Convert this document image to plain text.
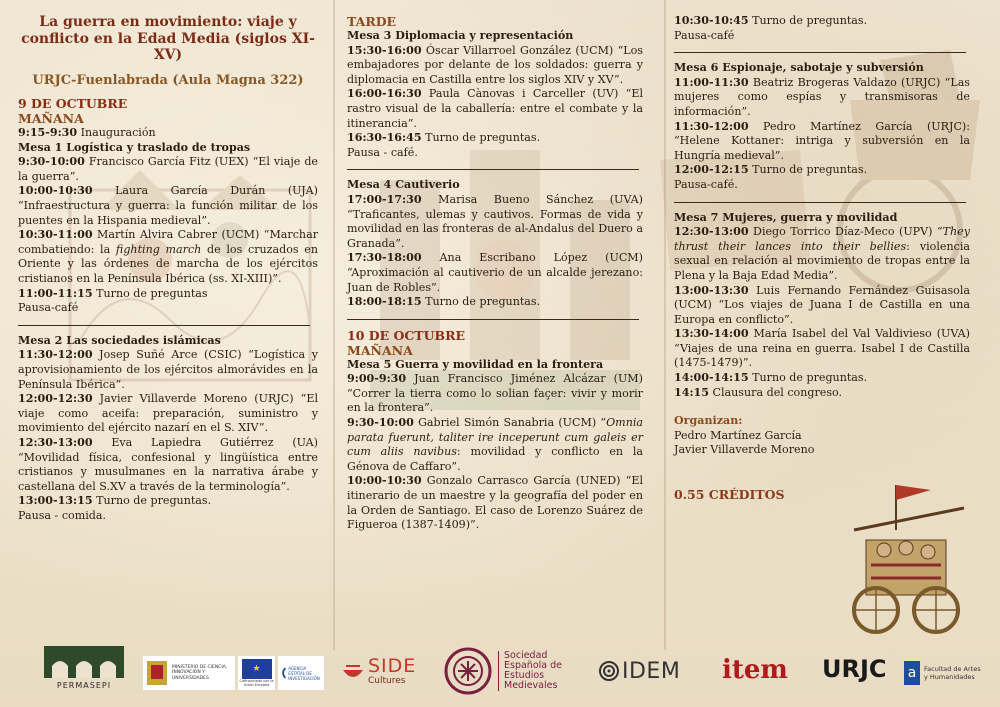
La guerra en movimiento: viaje y conflicto en la Edad Media (siglos XI-XV)
URJC-Fuenlabrada (Aula Magna 322)
9 DE OCTUBRE
MAÑANA
9:15-9:30 Inauguración
Mesa 1 Logística y traslado de tropas
9:30-10:00 Francisco García Fitz (UEX) “El viaje de la guerra”.
10:00-10:30 Laura García Durán (UJA) “Infraestructura y guerra: la función militar de los puentes en la Hispania medieval”.
10:30-11:00 Martín Alvira Cabrer (UCM) “Marchar combatiendo: la fighting march de los cruzados en Oriente y las órdenes de marcha de los ejércitos cristianos en la Península Ibérica (ss. XI-XIII)”.
11:00-11:15 Turno de preguntas
Pausa-café
Mesa 2 Las sociedades islámicas
11:30-12:00 Josep Suñé Arce (CSIC) “Logística y aprovisionamiento de los ejércitos almorávides en la Península Ibérica”.
12:00-12:30 Javier Villaverde Moreno (URJC) “El viaje como aceifa: preparación, suministro y movimiento del ejército nazarí en el S. XIV”.
12:30-13:00 Eva Lapiedra Gutiérrez (UA) “Movilidad física, confesional y lingüística entre cristianos y musulmanes en la narrativa árabe y castellana del S.XV a través de la terminología”.
13:00-13:15 Turno de preguntas.
Pausa - comida.
TARDE
Mesa 3 Diplomacia y representación
15:30-16:00 Óscar Villarroel González (UCM) “Los embajadores por delante de los soldados: guerra y diplomacia en Castilla entre los siglos XIV y XV”.
16:00-16:30 Paula Cànovas i Carceller (UV) “El rastro visual de la caballería: entre el combate y la itinerancia”.
16:30-16:45 Turno de preguntas.
Pausa - café.
Mesa 4 Cautiverio
17:00-17:30 Marisa Bueno Sánchez (UVA) “Traficantes, ulemas y cautivos. Formas de vida y movilidad en las fronteras de al-Andalus del Duero a Granada”.
17:30-18:00 Ana Escribano López (UCM) “Aproximación al cautiverio de un alcalde jerezano: Juan de Robles”.
18:00-18:15 Turno de preguntas.
10 DE OCTUBRE
MAÑANA
Mesa 5 Guerra y movilidad en la frontera
9:00-9:30 Juan Francisco Jiménez Alcázar (UM) “Correr la tierra como lo solian façer: vivir y morir en la frontera”.
9:30-10:00 Gabriel Simón Sanabria (UCM) “Omnia parata fuerunt, taliter ire inceperunt cum galeis er cum aliis navibus: movilidad y conflicto en la Génova de Caffaro”.
10:00-10:30 Gonzalo Carrasco García (UNED) “El itinerario de un maestre y la geografía del poder en la Orden de Santiago. El caso de Lorenzo Suárez de Figueroa (1387-1409)”.
10:30-10:45 Turno de preguntas.
Pausa-café
Mesa 6 Espionaje, sabotaje y subversión
11:00-11:30 Beatriz Brogeras Valdazo (URJC) “Las mujeres como espías y transmisoras de información”.
11:30-12:00 Pedro Martínez García (URJC): “Helene Kottaner: intriga y subversión en la Hungría medieval”.
12:00-12:15 Turno de preguntas.
Pausa-café.
Mesa 7 Mujeres, guerra y movilidad
12:30-13:00 Diego Torrico Díaz-Meco (UPV) “They thrust their lances into their bellies: violencia sexual en relación al movimiento de tropas entre la Plena y la Baja Edad Media”.
13:00-13:30 Luis Fernando Fernández Guisasola (UCM) “Los viajes de Juana I de Castilla en una Europa en conflicto”.
13:30-14:00 María Isabel del Val Valdivieso (UVA) “Viajes de una reina en guerra. Isabel I de Castilla (1475-1479)”.
14:00-14:15 Turno de preguntas.
14:15 Clausura del congreso.
Organizan:
Pedro Martínez García
Javier Villaverde Moreno
0.55 CRÉDITOS
PERMASEPI
MINISTERIO DE CIENCIA, INNOVACIÓN Y UNIVERSIDADES
★
Cofinanciado por la Unión Europea
AGENCIA ESTATAL DE INVESTIGACIÓN
SIDE
Cultures
Sociedad
Española de
Estudios
Medievales
IDEM item URJC a	Facultad de Artes
y Humanidades
